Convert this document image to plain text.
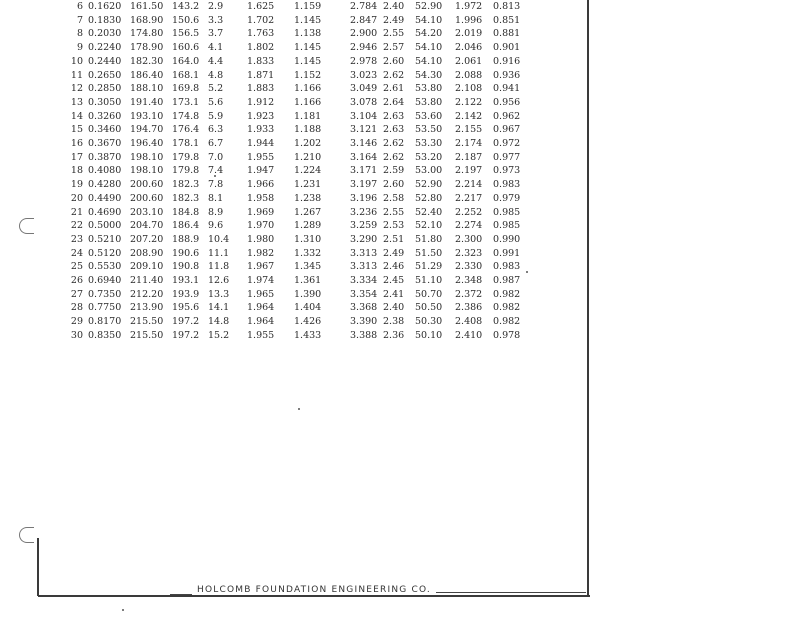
6	0.1620	161.50	143.2	2.9	1.625	1.159	2.784	2.40	52.90	1.972	0.813
7	0.1830	168.90	150.6	3.3	1.702	1.145	2.847	2.49	54.10	1.996	0.851
8	0.2030	174.80	156.5	3.7	1.763	1.138	2.900	2.55	54.20	2.019	0.881
9	0.2240	178.90	160.6	4.1	1.802	1.145	2.946	2.57	54.10	2.046	0.901
10	0.2440	182.30	164.0	4.4	1.833	1.145	2.978	2.60	54.10	2.061	0.916
11	0.2650	186.40	168.1	4.8	1.871	1.152	3.023	2.62	54.30	2.088	0.936
12	0.2850	188.10	169.8	5.2	1.883	1.166	3.049	2.61	53.80	2.108	0.941
13	0.3050	191.40	173.1	5.6	1.912	1.166	3.078	2.64	53.80	2.122	0.956
14	0.3260	193.10	174.8	5.9	1.923	1.181	3.104	2.63	53.60	2.142	0.962
15	0.3460	194.70	176.4	6.3	1.933	1.188	3.121	2.63	53.50	2.155	0.967
16	0.3670	196.40	178.1	6.7	1.944	1.202	3.146	2.62	53.30	2.174	0.972
17	0.3870	198.10	179.8	7.0	1.955	1.210	3.164	2.62	53.20	2.187	0.977
18	0.4080	198.10	179.8	7.4	1.947	1.224	3.171	2.59	53.00	2.197	0.973
19	0.4280	200.60	182.3	7.8	1.966	1.231	3.197	2.60	52.90	2.214	0.983
20	0.4490	200.60	182.3	8.1	1.958	1.238	3.196	2.58	52.80	2.217	0.979
21	0.4690	203.10	184.8	8.9	1.969	1.267	3.236	2.55	52.40	2.252	0.985
22	0.5000	204.70	186.4	9.6	1.970	1.289	3.259	2.53	52.10	2.274	0.985
23	0.5210	207.20	188.9	10.4	1.980	1.310	3.290	2.51	51.80	2.300	0.990
24	0.5120	208.90	190.6	11.1	1.982	1.332	3.313	2.49	51.50	2.323	0.991
25	0.5530	209.10	190.8	11.8	1.967	1.345	3.313	2.46	51.29	2.330	0.983
26	0.6940	211.40	193.1	12.6	1.974	1.361	3.334	2.45	51.10	2.348	0.987
27	0.7350	212.20	193.9	13.3	1.965	1.390	3.354	2.41	50.70	2.372	0.982
28	0.7750	213.90	195.6	14.1	1.964	1.404	3.368	2.40	50.50	2.386	0.982
29	0.8170	215.50	197.2	14.8	1.964	1.426	3.390	2.38	50.30	2.408	0.982
30	0.8350	215.50	197.2	15.2	1.955	1.433	3.388	2.36	50.10	2.410	0.978
HOLCOMB FOUNDATION ENGINEERING CO.
